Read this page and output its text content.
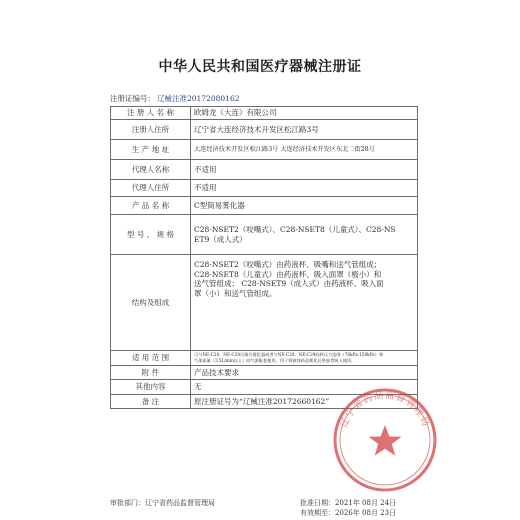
中华人民共和国医疗器械注册证
注册证编号： 辽械注准20172080162
注 册 人 名 称	欧姆龙（大连）有限公司
注册人住所	辽宁省大连经济技术开发区松江路3号
生 产 地 址	大连经济技术开发区松江路3号 大连经济技术开发区东北二街28号
代理人名称	不适用
代理人住所	不适用
产 品 名 称	C型简易雾化器
型 号 、 规 格	C28-NSET2（咬嘴式）、C28-NSET8（儿童式）、C28-NS
ET9（成人式）

结构及组成	C28-NSET2（咬嘴式）由药液杯、吸嘴和送气管组成；
C28-NSET8（儿童式）由药液杯、吸入面罩（极小）和
送气管组成； C28-NSET9（成人式）由药液杯、吸入面
罩（小）和送气管组成。

适 用 范 围	可与NE-C28、NE-C29压缩式雾化器或者与NE-C28、NE-C29同样压力范围（76kPa-150kPa）和
气体流量（3.5L/min以上）的气源配套使用，用于将液体药品雾化后供患者吸入使用。

附 件	产品技术要求
其他内容	无
备 注	原注册证号为“辽械注准20172660162”
审批部门：辽宁省药品监督管理局	批准日期：2021年 08月 24日
有效期至：2026年 08月 23日
辽宁省药品监督管理局
